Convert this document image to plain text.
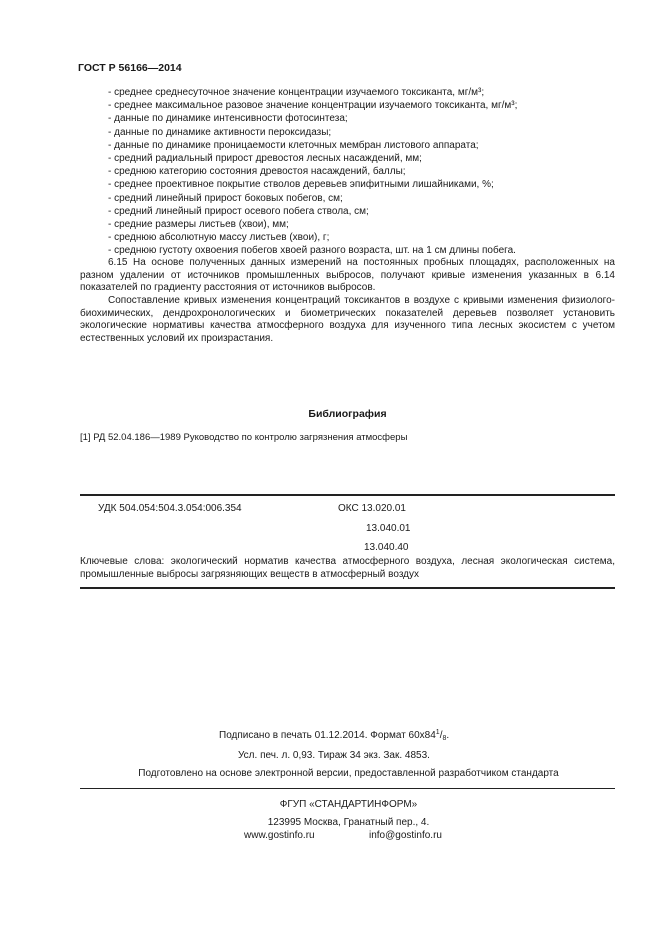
ГОСТ Р 56166—2014
- среднее среднесуточное значение концентрации изучаемого токсиканта, мг/м³;
- среднее максимальное разовое значение концентрации изучаемого токсиканта, мг/м³;
- данные по динамике интенсивности фотосинтеза;
- данные по динамике активности пероксидазы;
- данные по динамике проницаемости клеточных мембран листового аппарата;
- средний радиальный прирост древостоя лесных насаждений, мм;
- среднюю категорию состояния древостоя насаждений, баллы;
- среднее проективное покрытие стволов деревьев эпифитными лишайниками, %;
- средний линейный прирост боковых побегов, см;
- средний линейный прирост осевого побега ствола, см;
- средние размеры листьев (хвои), мм;
- среднюю абсолютную массу листьев (хвои), г;
- среднюю густоту охвоения побегов хвоей разного возраста, шт. на 1 см длины побега.
6.15 На основе полученных данных измерений на постоянных пробных площадях, расположенных на разном удалении от источников промышленных выбросов, получают кривые изменения указанных в 6.14 показателей по градиенту расстояния от источников выбросов.
Сопоставление кривых изменения концентраций токсикантов в воздухе с кривыми изменения физиолого-биохимических, дендрохронологических и биометрических показателей деревьев позволяет установить экологические нормативы качества атмосферного воздуха для изученного типа лесных экосистем с учетом естественных условий их произрастания.
Библиография
[1] РД 52.04.186—1989 Руководство по контролю загрязнения атмосферы
УДК 504.054:504.3.054:006.354	ОКС 13.020.01
13.040.01
13.040.40
Ключевые слова: экологический норматив качества атмосферного воздуха, лесная экологическая система, промышленные выбросы загрязняющих веществ в атмосферный воздух
Подписано в печать 01.12.2014. Формат $60х84^1/_8$.
Усл. печ. л. 0,93. Тираж 34 экз. Зак. 4853.
Подготовлено на основе электронной версии, предоставленной разработчиком стандарта
ФГУП «СТАНДАРТИНФОРМ»
123995 Москва, Гранатный пер., 4.
www.gostinfo.ru	info@gostinfo.ru
